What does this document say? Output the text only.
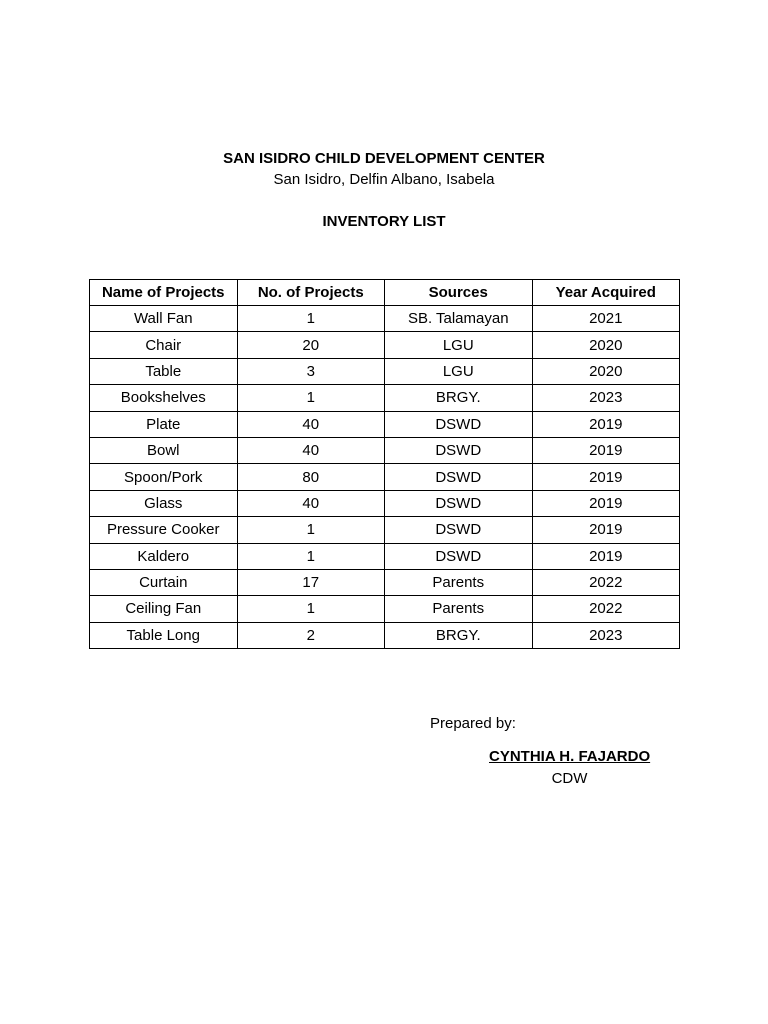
SAN ISIDRO CHILD DEVELOPMENT CENTER
San Isidro, Delfin Albano, Isabela
INVENTORY LIST
Name of Projects	No. of Projects	Sources	Year Acquired
Wall Fan	1	SB. Talamayan	2021
Chair	20	LGU	2020
Table	3	LGU	2020
Bookshelves	1	BRGY.	2023
Plate	40	DSWD	2019
Bowl	40	DSWD	2019
Spoon/Pork	80	DSWD	2019
Glass	40	DSWD	2019
Pressure Cooker	1	DSWD	2019
Kaldero	1	DSWD	2019
Curtain	17	Parents	2022
Ceiling Fan	1	Parents	2022
Table Long	2	BRGY.	2023
Prepared by:
CYNTHIA H. FAJARDO
CDW
